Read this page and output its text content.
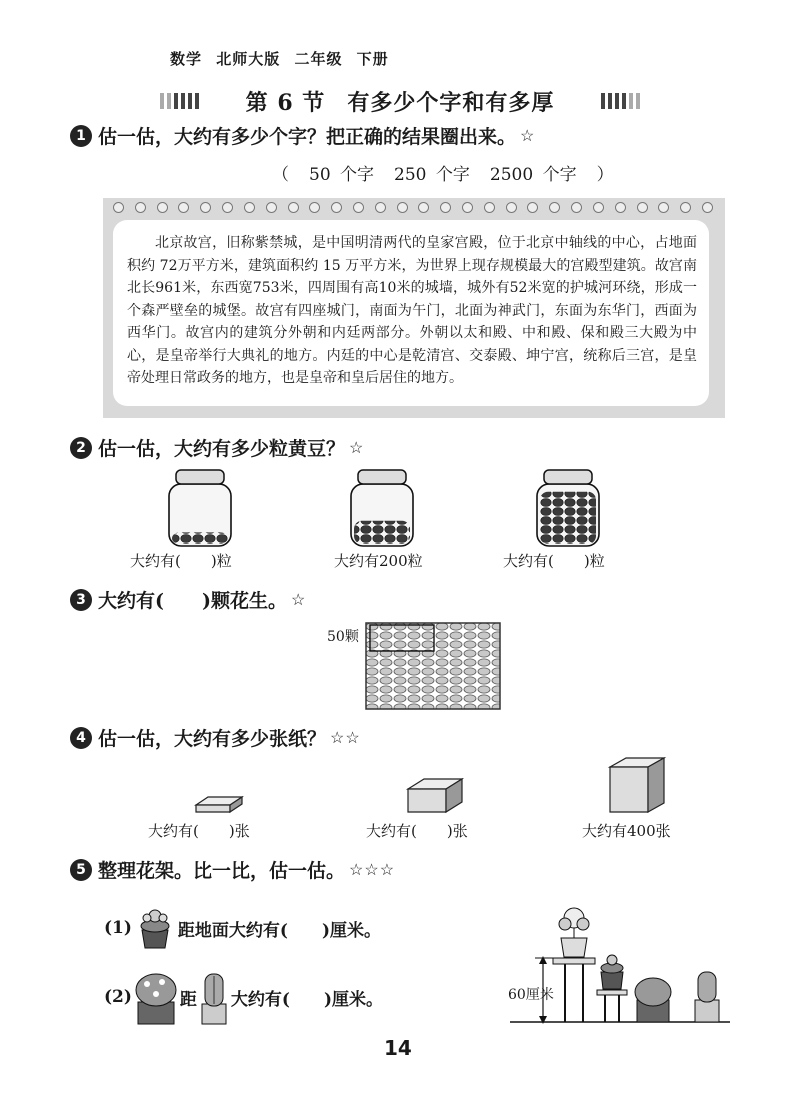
数学 北师大版 二年级 下册
第 6 节 有多少个字和有多厚
1 估一估，大约有多少个字？把正确的结果圈出来。 ☆
（ 50 个字 250 个字 2500 个字 ）
北京故宫，旧称紫禁城，是中国明清两代的皇家宫殿，位于北京中轴线的中心，占地面积约 72万平方米，建筑面积约 15 万平方米，为世界上现存规模最大的宫殿型建筑。故宫南北长961米，东西宽753米，四周围有高10米的城墙，城外有52米宽的护城河环绕，形成一个森严壁垒的城堡。故宫有四座城门，南面为午门，北面为神武门，东面为东华门，西面为西华门。故宫内的建筑分外朝和内廷两部分。外朝以太和殿、中和殿、保和殿三大殿为中心，是皇帝举行大典礼的地方。内廷的中心是乾清宫、交泰殿、坤宁宫，统称后三宫，是皇帝处理日常政务的地方，也是皇帝和皇后居住的地方。
2 估一估，大约有多少粒黄豆？ ☆
大约有(　　)粒	大约有200粒	大约有(　　)粒
3 大约有(　　)颗花生。 ☆
50颗
4 估一估，大约有多少张纸？ ☆☆
大约有(　　)张	大约有(　　)张	大约有400张
5 整理花架。比一比，估一估。 ☆☆☆
(1)	距地面大约有(　　)厘米。
(2)	距 大约有(　　)厘米。	60厘米
14
